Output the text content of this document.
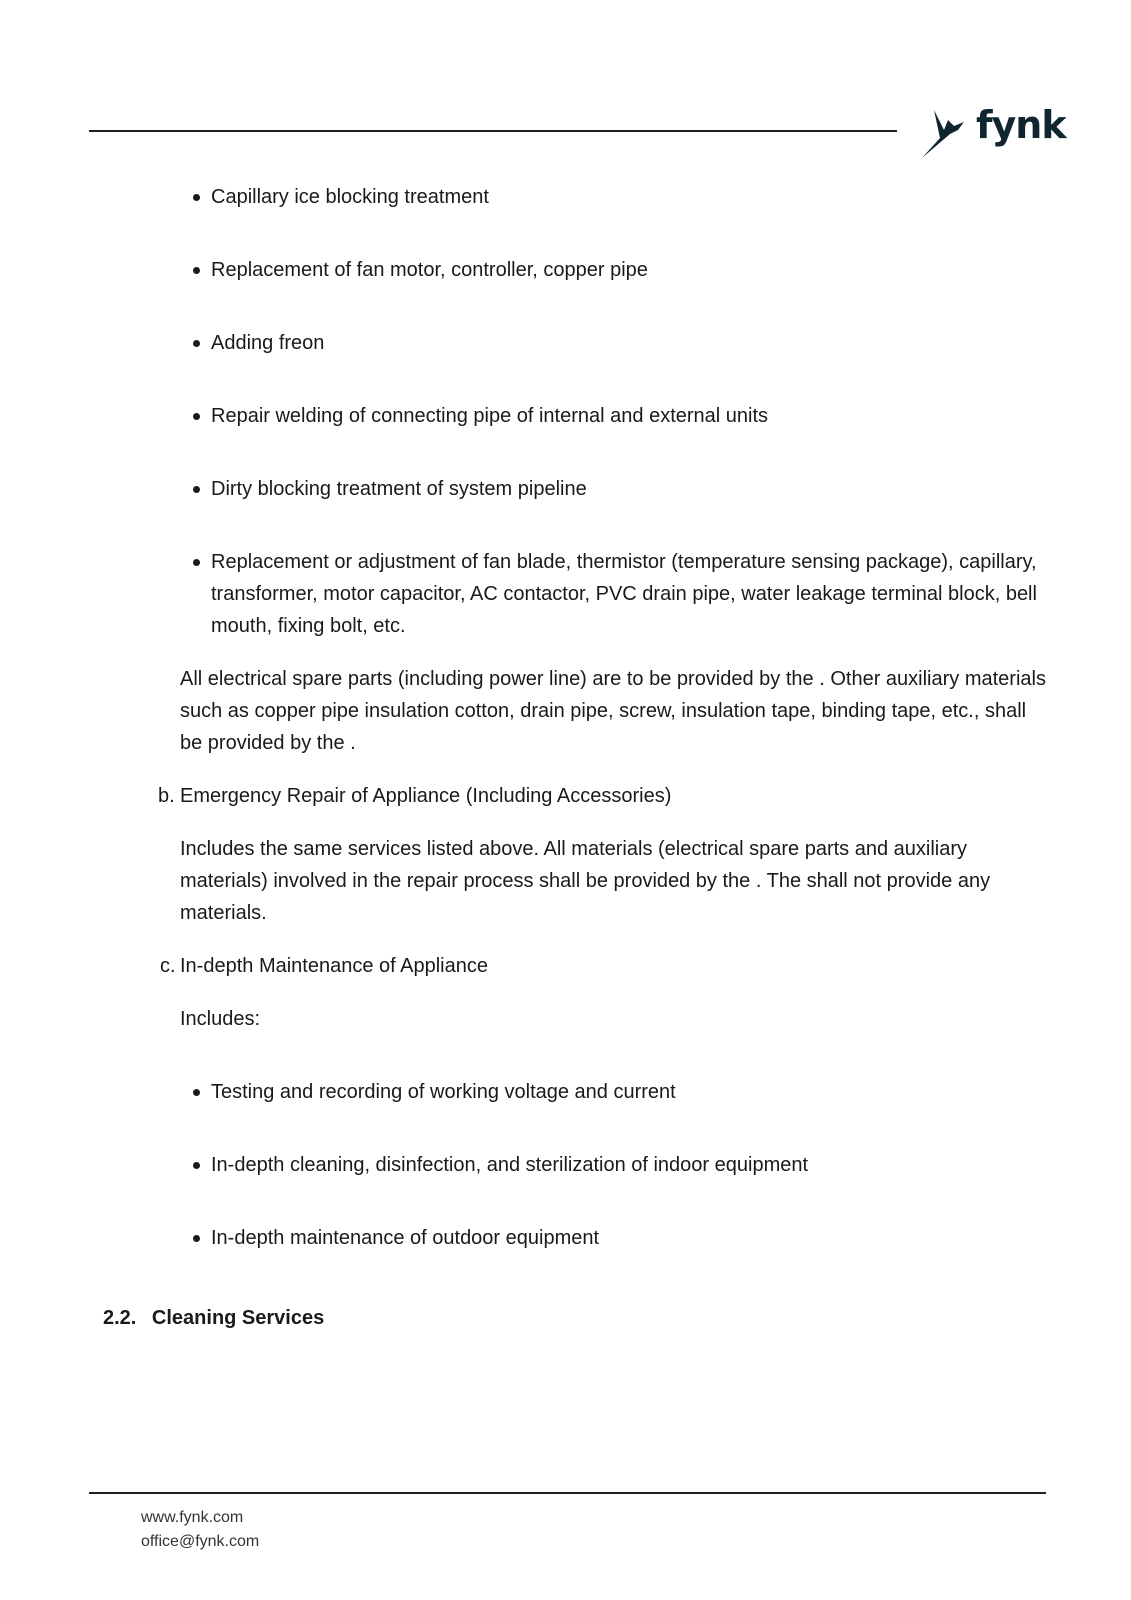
fynk
Capillary ice blocking treatment
Replacement of fan motor, controller, copper pipe
Adding freon
Repair welding of connecting pipe of internal and external units
Dirty blocking treatment of system pipeline
Replacement or adjustment of fan blade, thermistor (temperature sensing package), capillary, transformer, motor capacitor, AC contactor, PVC drain pipe, water leakage terminal block, bell mouth, fixing bolt, etc.
All electrical spare parts (including power line) are to be provided by the . Other auxiliary materials such as copper pipe insulation cotton, drain pipe, screw, insulation tape, binding tape, etc., shall be provided by the .
b. Emergency Repair of Appliance (Including Accessories)
Includes the same services listed above. All materials (electrical spare parts and auxiliary materials) involved in the repair process shall be provided by the . The shall not provide any materials.
c. In-depth Maintenance of Appliance
Includes:
Testing and recording of working voltage and current
In-depth cleaning, disinfection, and sterilization of indoor equipment
In-depth maintenance of outdoor equipment
2.2. Cleaning Services
www.fynk.com
office@fynk.com
